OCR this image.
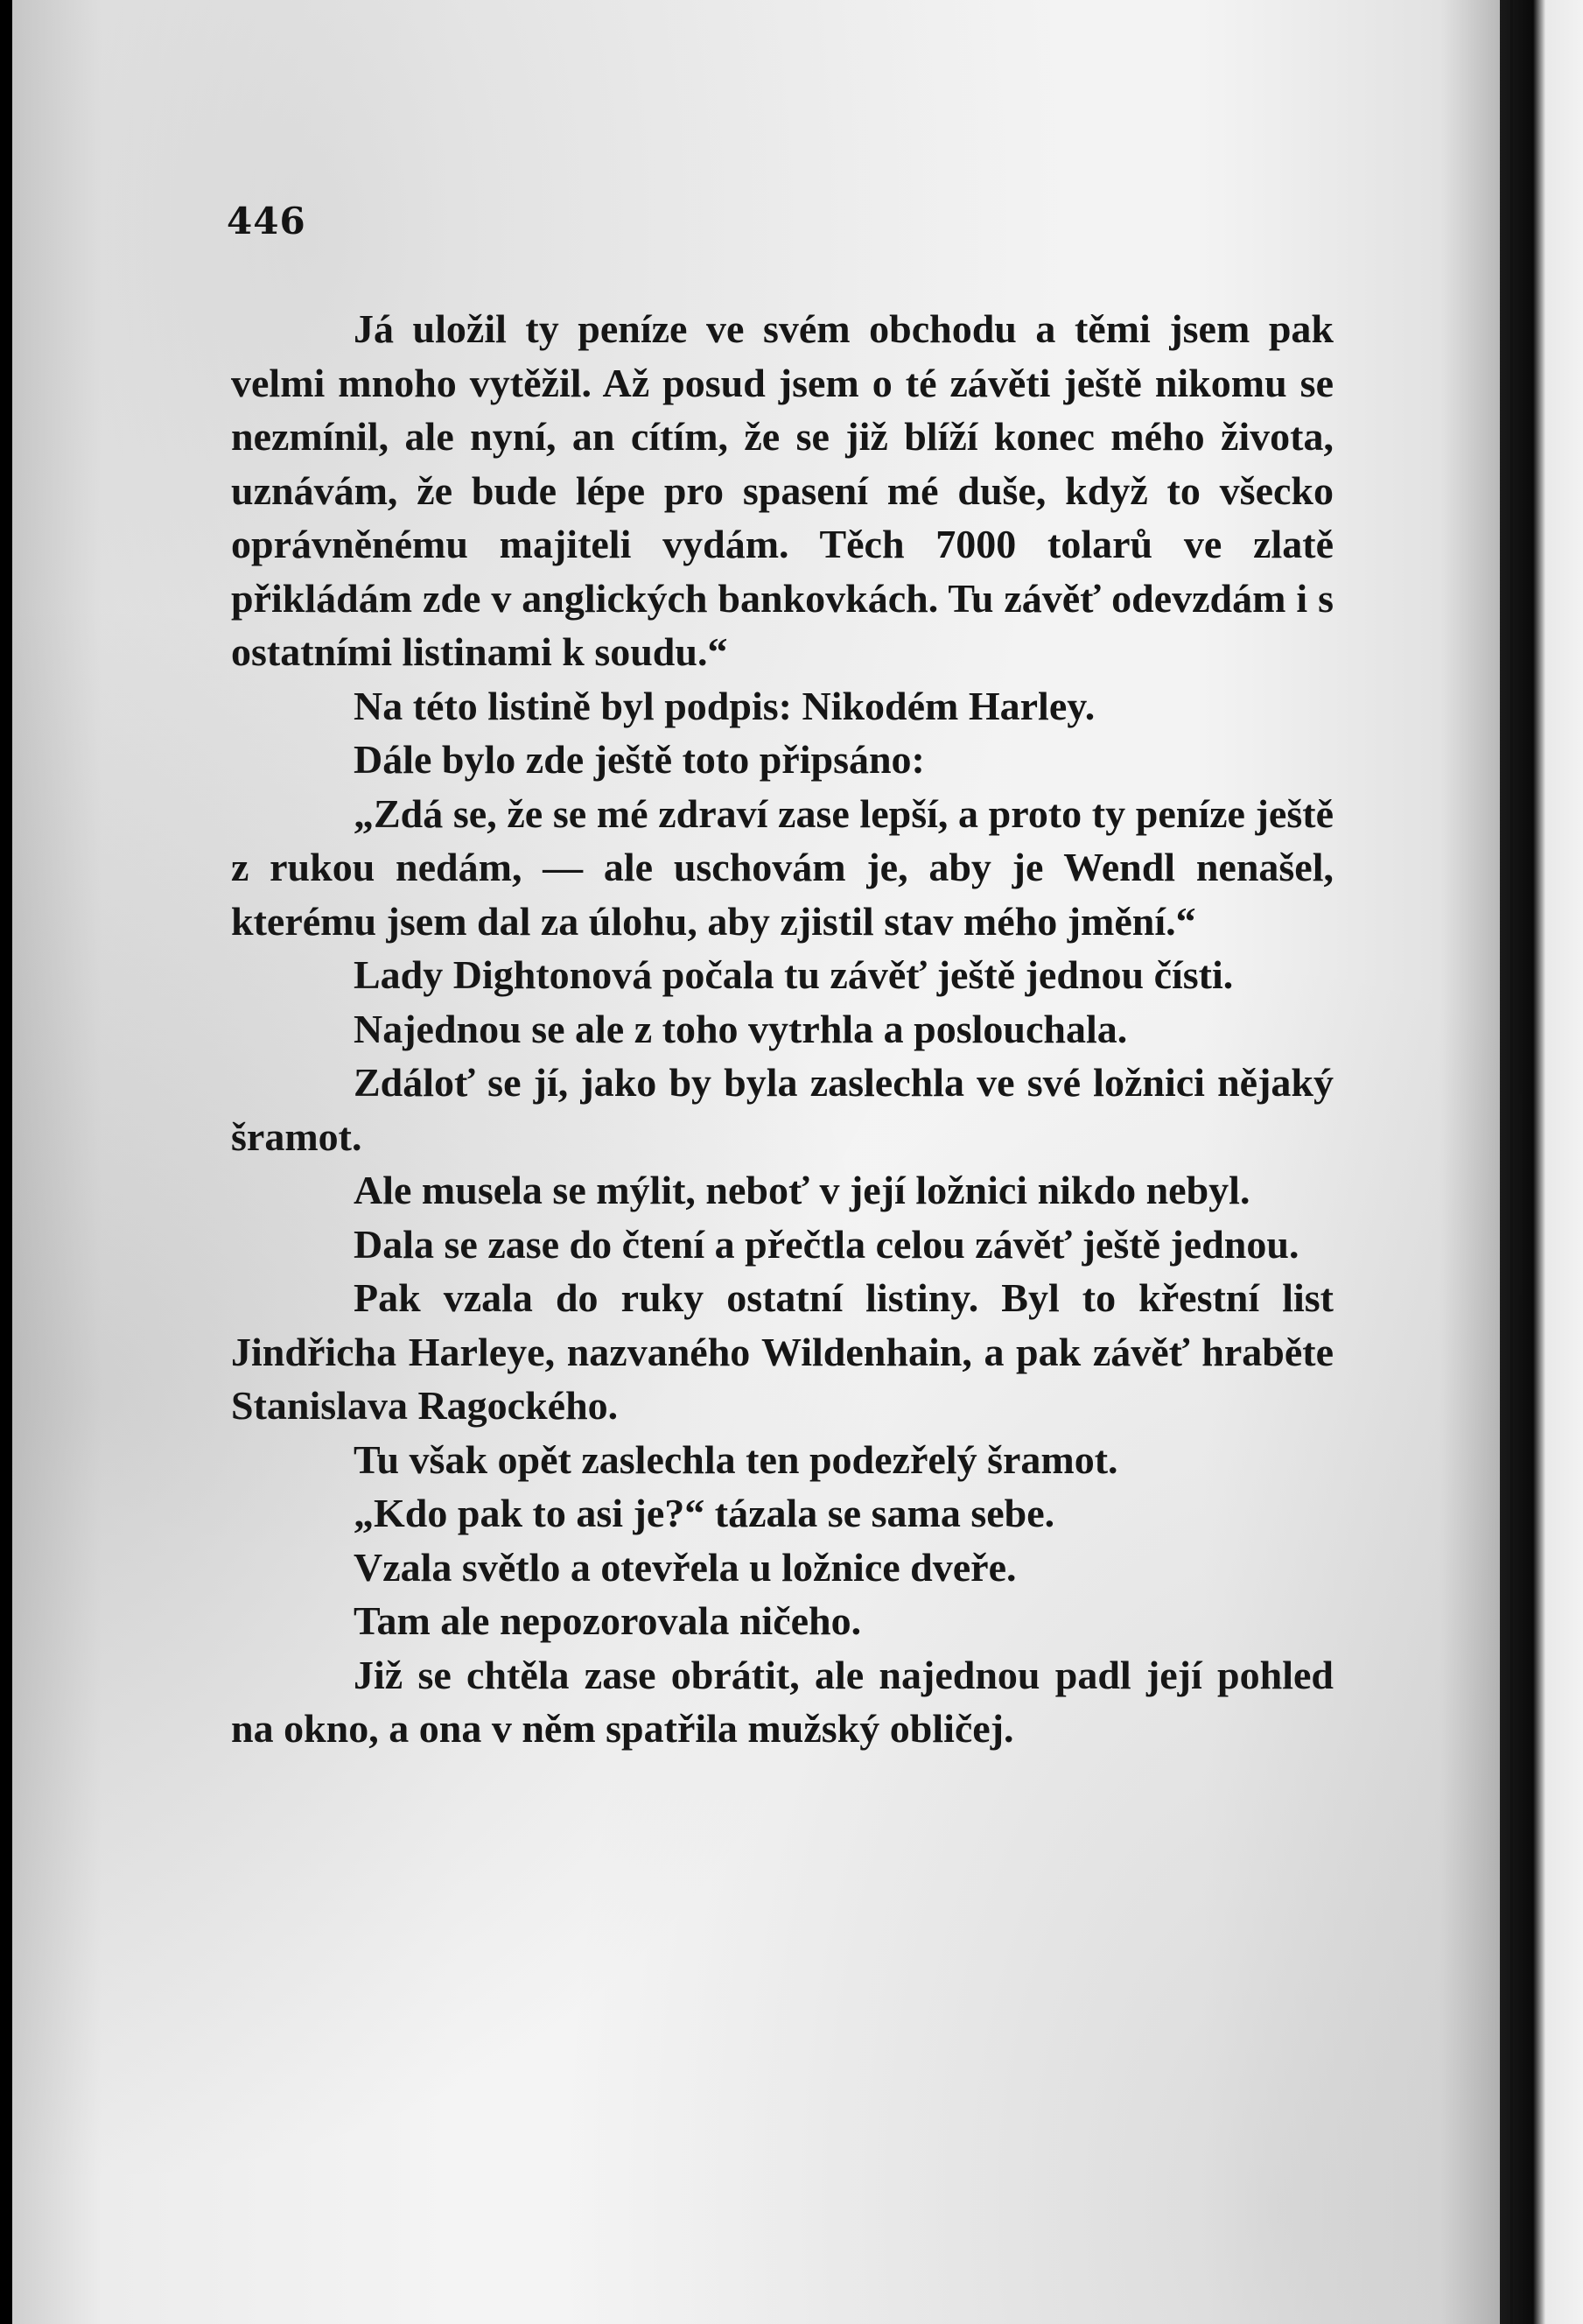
446

Já uložil ty peníze ve svém obchodu a těmi jsem pak velmi mnoho vytěžil. Až posud jsem o té závěti ještě nikomu se nezmínil, ale nyní, an cítím, že se již blíží konec mého života, uznávám, že bude lépe pro spasení mé duše, když to všecko oprávněnému majiteli vydám. Těch 7000 tolarů ve zlatě přikládám zde v anglických bankovkách. Tu závěť odevzdám i s ostatními listinami k soudu.“

Na této listině byl podpis: Nikodém Harley.

Dále bylo zde ještě toto připsáno:

„Zdá se, že se mé zdraví zase lepší, a proto ty peníze ještě z rukou nedám, — ale uschovám je, aby je Wendl nenašel, kterému jsem dal za úlohu, aby zjistil stav mého jmění.“

Lady Dightonová počala tu závěť ještě jednou čísti.

Najednou se ale z toho vytrhla a poslouchala.

Zdáloť se jí, jako by byla zaslechla ve své ložnici nějaký šramot.

Ale musela se mýlit, neboť v její ložnici nikdo nebyl.

Dala se zase do čtení a přečtla celou závěť ještě jednou.

Pak vzala do ruky ostatní listiny. Byl to křestní list Jindřicha Harleye, nazvaného Wildenhain, a pak závěť hraběte Stanislava Ragockého.

Tu však opět zaslechla ten podezřelý šramot.

„Kdo pak to asi je?“ tázala se sama sebe.

Vzala světlo a otevřela u ložnice dveře.

Tam ale nepozorovala ničeho.

Již se chtěla zase obrátit, ale najednou padl její pohled na okno, a ona v něm spatřila mužský obličej.
